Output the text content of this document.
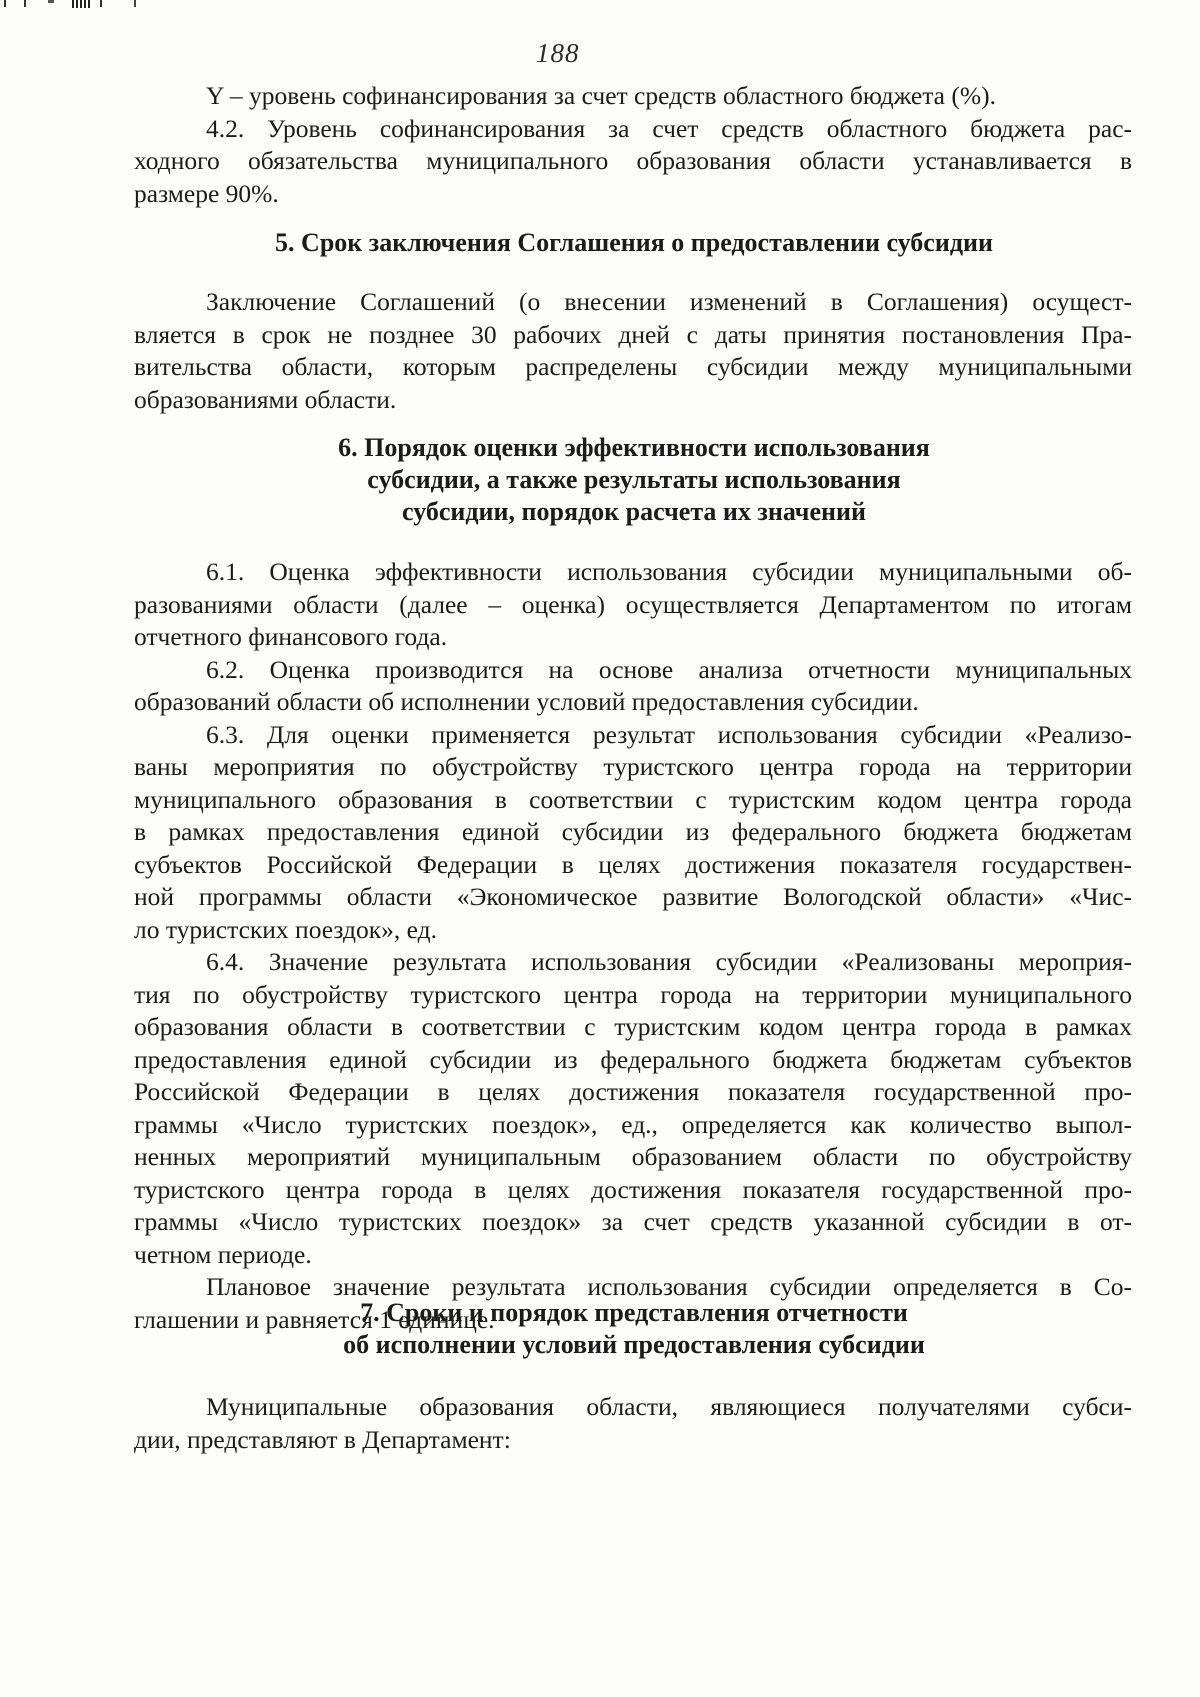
188
Y – уровень софинансирования за счет средств областного бюджета (%).
4.2. Уровень софинансирования за счет средств областного бюджета рас-
ходного обязательства муниципального образования области устанавливается в
размере 90%.
5. Срок заключения Соглашения о предоставлении субсидии
Заключение Соглашений (о внесении изменений в Соглашения) осущест-
вляется в срок не позднее 30 рабочих дней с даты принятия постановления Пра-
вительства области, которым распределены субсидии между муниципальными
образованиями области.
6. Порядок оценки эффективности использования
субсидии, а также результаты использования
субсидии, порядок расчета их значений
6.1. Оценка эффективности использования субсидии муниципальными об-
разованиями области (далее – оценка) осуществляется Департаментом по итогам
отчетного финансового года.
6.2. Оценка производится на основе анализа отчетности муниципальных
образований области об исполнении условий предоставления субсидии.
6.3. Для оценки применяется результат использования субсидии «Реализо-
ваны мероприятия по обустройству туристского центра города на территории
муниципального образования в соответствии с туристским кодом центра города
в рамках предоставления единой субсидии из федерального бюджета бюджетам
субъектов Российской Федерации в целях достижения показателя государствен-
ной программы области «Экономическое развитие Вологодской области» «Чис-
ло туристских поездок», ед.
6.4. Значение результата использования субсидии «Реализованы мероприя-
тия по обустройству туристского центра города на территории муниципального
образования области в соответствии с туристским кодом центра города в рамках
предоставления единой субсидии из федерального бюджета бюджетам субъектов
Российской Федерации в целях достижения показателя государственной про-
граммы «Число туристских поездок», ед., определяется как количество выпол-
ненных мероприятий муниципальным образованием области по обустройству
туристского центра города в целях достижения показателя государственной про-
граммы «Число туристских поездок» за счет средств указанной субсидии в от-
четном периоде.
Плановое значение результата использования субсидии определяется в Со-
глашении и равняется 1 единице.
7. Сроки и порядок представления отчетности
об исполнении условий предоставления субсидии
Муниципальные образования области, являющиеся получателями субси-
дии, представляют в Департамент:
